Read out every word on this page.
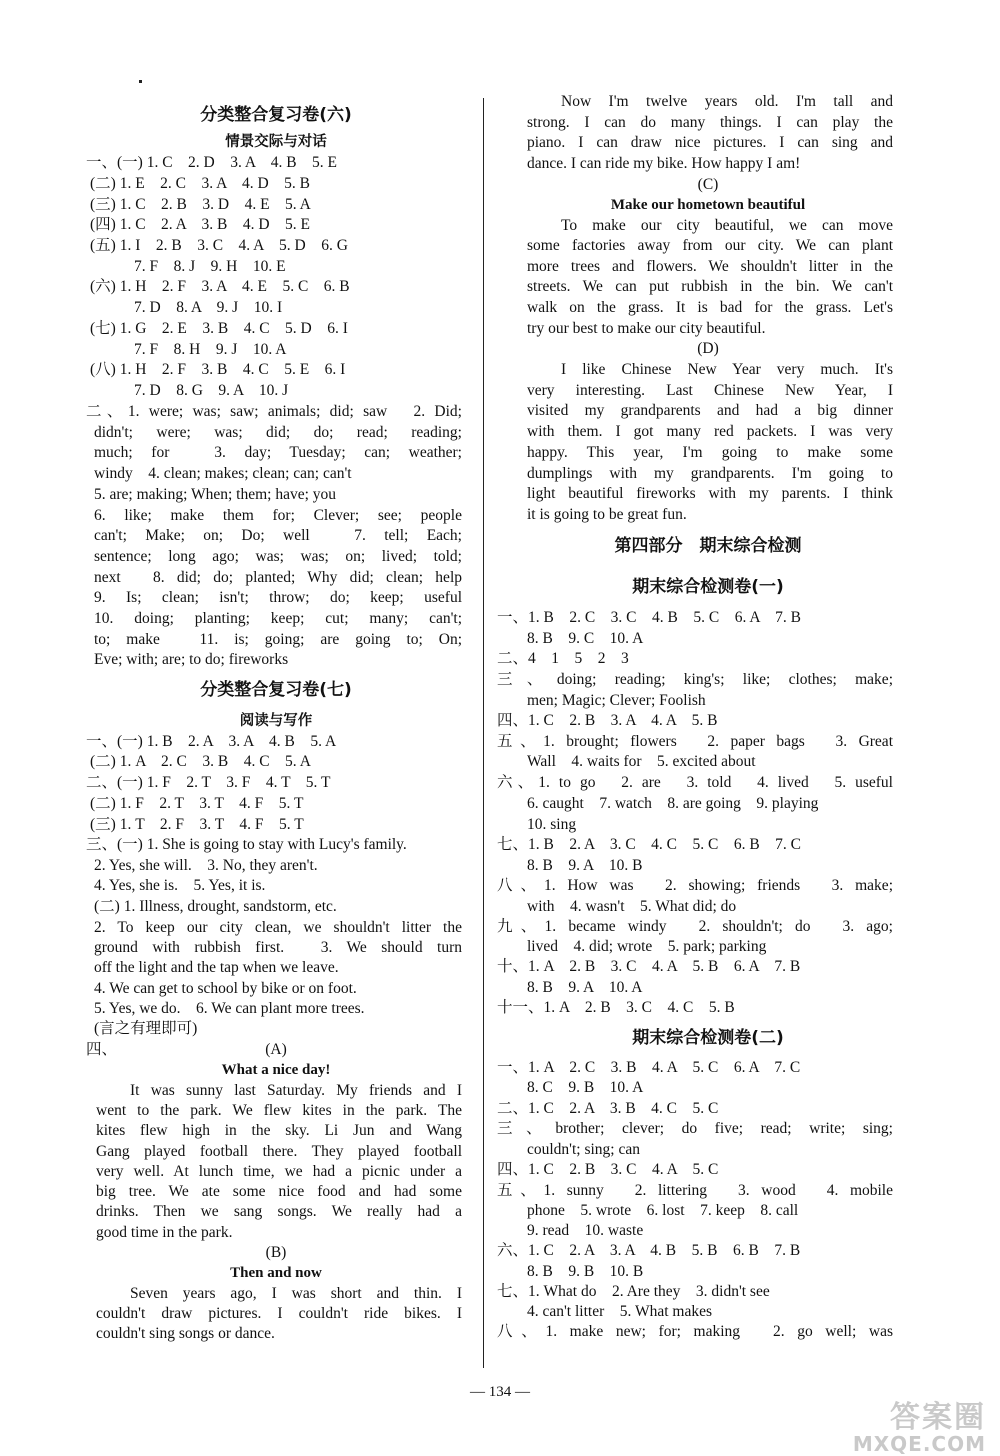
分类整合复习卷(六)
情景交际与对话
一、(一) 1. C　2. D　3. A　4. B　5. E
(二) 1. E　2. C　3. A　4. D　5. B
(三) 1. C　2. B　3. D　4. E　5. A
(四) 1. C　2. A　3. B　4. D　5. E
(五) 1. I　2. B　3. C　4. A　5. D　6. G
7. F　8. J　9. H　10. E
(六) 1. H　2. F　3. A　4. E　5. C　6. B
7. D　8. A　9. J　10. I
(七) 1. G　2. E　3. B　4. C　5. D　6. I
7. F　8. H　9. J　10. A
(八) 1. H　2. F　3. B　4. C　5. E　6. I
7. D　8. G　9. A　10. J
二、1. were; was; saw; animals; did; saw　2. Did;
didn't; were; was; did; do; read; reading;
much; for　3. day; Tuesday; can; weather;
windy　4. clean; makes; clean; can; can't
5. are; making; When; them; have; you
6. like; make them for; Clever; see; people
can't; Make; on; Do; well　7. tell; Each;
sentence; long ago; was; was; on; lived; told;
next　8. did; do; planted; Why did; clean; help
9. Is; clean; isn't; throw; do; keep; useful
10. doing; planting; keep; cut; many; can't;
to; make　11. is; going; are going to; On;
Eve; with; are; to do; fireworks
分类整合复习卷(七)
阅读与写作
一、(一) 1. B　2. A　3. A　4. B　5. A
(二) 1. A　2. C　3. B　4. C　5. A
二、(一) 1. F　2. T　3. F　4. T　5. T
(二) 1. F　2. T　3. T　4. F　5. T
(三) 1. T　2. F　3. T　4. F　5. T
三、(一) 1. She is going to stay with Lucy's family.
2. Yes, she will.　3. No, they aren't.
4. Yes, she is.　5. Yes, it is.
(二) 1. Illness, drought, sandstorm, etc.
2. To keep our city clean, we shouldn't litter the
ground with rubbish first.　3. We should turn
off the light and the tap when we leave.
4. We can get to school by bike or on foot.
5. Yes, we do.　6. We can plant more trees.
(言之有理即可)
四、	(A)
What a nice day!
It was sunny last Saturday. My friends and I
went to the park. We flew kites in the park. The
kites flew high in the sky. Li Jun and Wang
Gang played football there. They played football
very well. At lunch time, we had a picnic under a
big tree. We ate some nice food and had some
drinks. Then we sang songs. We really had a
good time in the park.
(B)
Then and now
Seven years ago, I was short and thin. I
couldn't draw pictures. I couldn't ride bikes. I
couldn't sing songs or dance.
Now I'm twelve years old. I'm tall and
strong. I can do many things. I can play the
piano. I can draw nice pictures. I can sing and
dance. I can ride my bike. How happy I am!
(C)
Make our hometown beautiful
To make our city beautiful, we can move
some factories away from our city. We can plant
more trees and flowers. We shouldn't litter in the
streets. We can put rubbish in the bin. We can't
walk on the grass. It is bad for the grass. Let's
try our best to make our city beautiful.
(D)
I like Chinese New Year very much. It's
very interesting. Last Chinese New Year, I
visited my grandparents and had a big dinner
with them. I got many red packets. I was very
happy. This year, I'm going to make some
dumplings with my grandparents. I'm going to
light beautiful fireworks with my parents. I think
it is going to be great fun.
第四部分　期末综合检测
期末综合检测卷(一)
一、1. B　2. C　3. C　4. B　5. C　6. A　7. B
8. B　9. C　10. A
二、4　1　5　2　3
三、doing; reading; king's; like; clothes; make;
men; Magic; Clever; Foolish
四、1. C　2. B　3. A　4. A　5. B
五、1. brought; flowers　2. paper bags　3. Great
Wall　4. waits for　5. excited about
六、1. to go　2. are　3. told　4. lived　5. useful
6. caught　7. watch　8. are going　9. playing
10. sing
七、1. B　2. A　3. C　4. C　5. C　6. B　7. C
8. B　9. A　10. B
八、1. How was　2. showing; friends　3. make;
with　4. wasn't　5. What did; do
九、1. became windy　2. shouldn't; do　3. ago;
lived　4. did; wrote　5. park; parking
十、1. A　2. B　3. C　4. A　5. B　6. A　7. B
8. B　9. A　10. A
十一、1. A　2. B　3. C　4. C　5. B
期末综合检测卷(二)
一、1. A　2. C　3. B　4. A　5. C　6. A　7. C
8. C　9. B　10. A
二、1. C　2. A　3. B　4. C　5. C
三、brother; clever; do five; read; write; sing;
couldn't; sing; can
四、1. C　2. B　3. C　4. A　5. C
五、1. sunny　2. littering　3. wood　4. mobile
phone　5. wrote　6. lost　7. keep　8. call
9. read　10. waste
六、1. C　2. A　3. A　4. B　5. B　6. B　7. B
8. B　9. B　10. B
七、1. What do　2. Are they　3. didn't see
4. can't litter　5. What makes
八、1. make new; for; making　2. go well; was
— 134 —
答案圈
MXQE.COM
